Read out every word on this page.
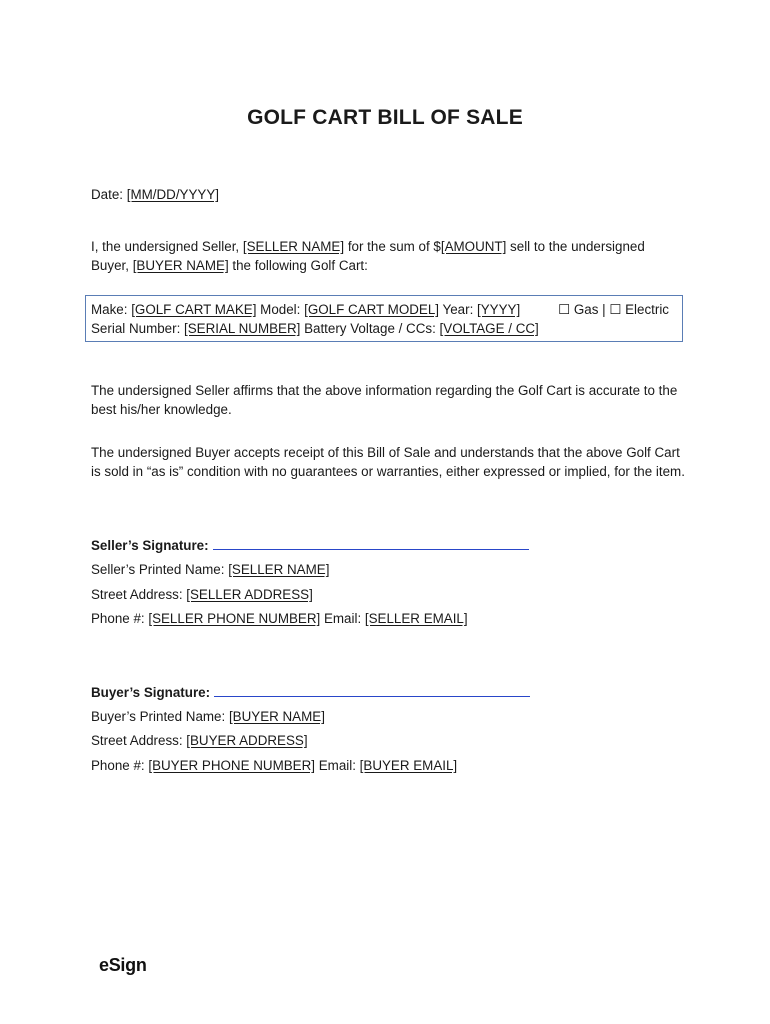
GOLF CART BILL OF SALE
Date: [MM/DD/YYYY]
I, the undersigned Seller, [SELLER NAME] for the sum of $[AMOUNT] sell to the undersigned Buyer, [BUYER NAME] the following Golf Cart:
Make: [GOLF CART MAKE] Model: [GOLF CART MODEL] Year: [YYYY]	☐ Gas | ☐ Electric
Serial Number: [SERIAL NUMBER] Battery Voltage / CCs: [VOLTAGE / CC]
The undersigned Seller affirms that the above information regarding the Golf Cart is accurate to the best his/her knowledge.
The undersigned Buyer accepts receipt of this Bill of Sale and understands that the above Golf Cart is sold in “as is” condition with no guarantees or warranties, either expressed or implied, for the item.
Seller’s Signature:
Seller’s Printed Name: [SELLER NAME]
Street Address: [SELLER ADDRESS]
Phone #: [SELLER PHONE NUMBER] Email: [SELLER EMAIL]
Buyer’s Signature:
Buyer’s Printed Name: [BUYER NAME]
Street Address: [BUYER ADDRESS]
Phone #: [BUYER PHONE NUMBER] Email: [BUYER EMAIL]
eSign
